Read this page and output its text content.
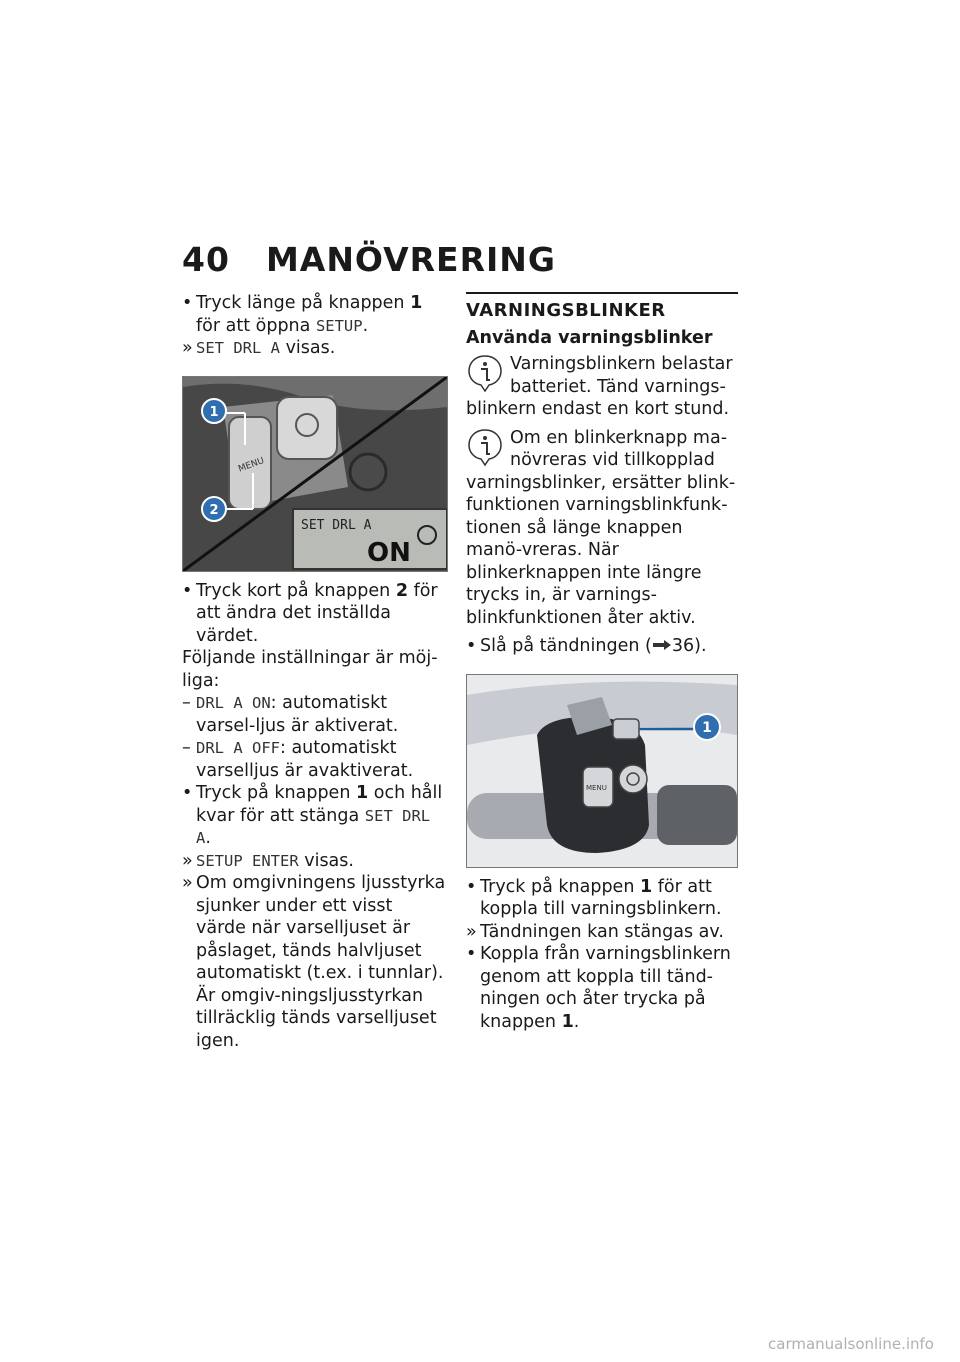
40 MANÖVRERING
• Tryck länge på knappen 1 för att öppna SETUP.
» SET DRL A visas.
MENU
SET DRL A
ON
1
2
• Tryck kort på knappen 2 för att ändra det inställda värdet.
Följande inställningar är möj-liga:
– DRL A ON: automatiskt varsel-ljus är aktiverat.
– DRL A OFF: automatiskt varselljus är avaktiverat.
• Tryck på knappen 1 och håll kvar för att stänga SET DRL A.
» SETUP ENTER visas.
» Om omgivningens ljusstyrka sjunker under ett visst värde när varselljuset är påslaget, tänds halvljuset automatiskt (t.ex. i tunnlar). Är omgiv-ningsljusstyrkan tillräcklig tänds varselljuset igen.
VARNINGSBLINKER
Använda varningsblinker
Varningsblinkern belastar batteriet. Tänd varnings-blinkern endast en kort stund.
Om en blinkerknapp ma-növreras vid tillkopplad varningsblinker, ersätter blink-funktionen varningsblinkfunk-tionen så länge knappen manö-vreras. När blinkerknappen inte längre trycks in, är varnings-blinkfunktionen åter aktiv.
• Slå på tändningen ( 36).
MENU
1
• Tryck på knappen 1 för att koppla till varningsblinkern.
» Tändningen kan stängas av.
• Koppla från varningsblinkern genom att koppla till tänd-ningen och åter trycka på knappen 1.
carmanualsonline.info
